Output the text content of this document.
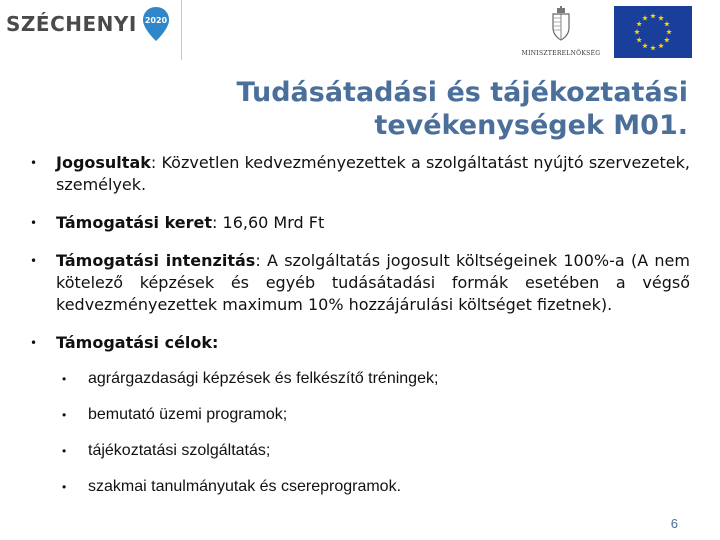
SZÉCHENYI 2020
MINISZTERELNÖKSÉG
Tudásátadási és tájékoztatási
tevékenységek M01.
•	Jogosultak: Közvetlen kedvezményezettek a szolgáltatást nyújtó szervezetek, személyek.
•	Támogatási keret: 16,60 Mrd Ft
•	Támogatási intenzitás: A szolgáltatás jogosult költségeinek 100%-a (A nem kötelező képzések és egyéb tudásátadási formák esetében a végső kedvezményezettek maximum 10% hozzájárulási költséget fizetnek).
•	Támogatási célok:
•	agrárgazdasági képzések és felkészítő tréningek;
•	bemutató üzemi programok;
•	tájékoztatási szolgáltatás;
•	szakmai tanulmányutak és csereprogramok.
6
